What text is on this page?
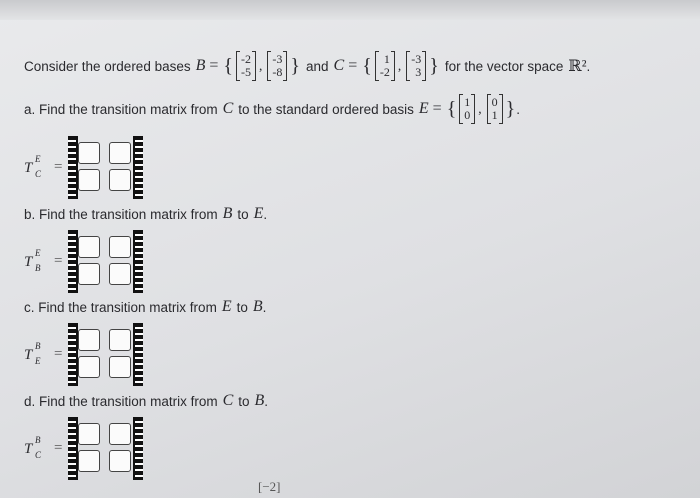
Consider the ordered bases B = { -2
-5 , -3
-8 } and C = { 1
-2 , -3
3 } for the vector space ℝ² .
a. Find the transition matrix from C to the standard ordered basis E = { 1
0 , 0
1 } .
T
E
C =
b. Find the transition matrix from B to E .
T
E
B =
c. Find the transition matrix from E to B .
T
B
E =
d. Find the transition matrix from C to B .
T
B
C =
[−2]
